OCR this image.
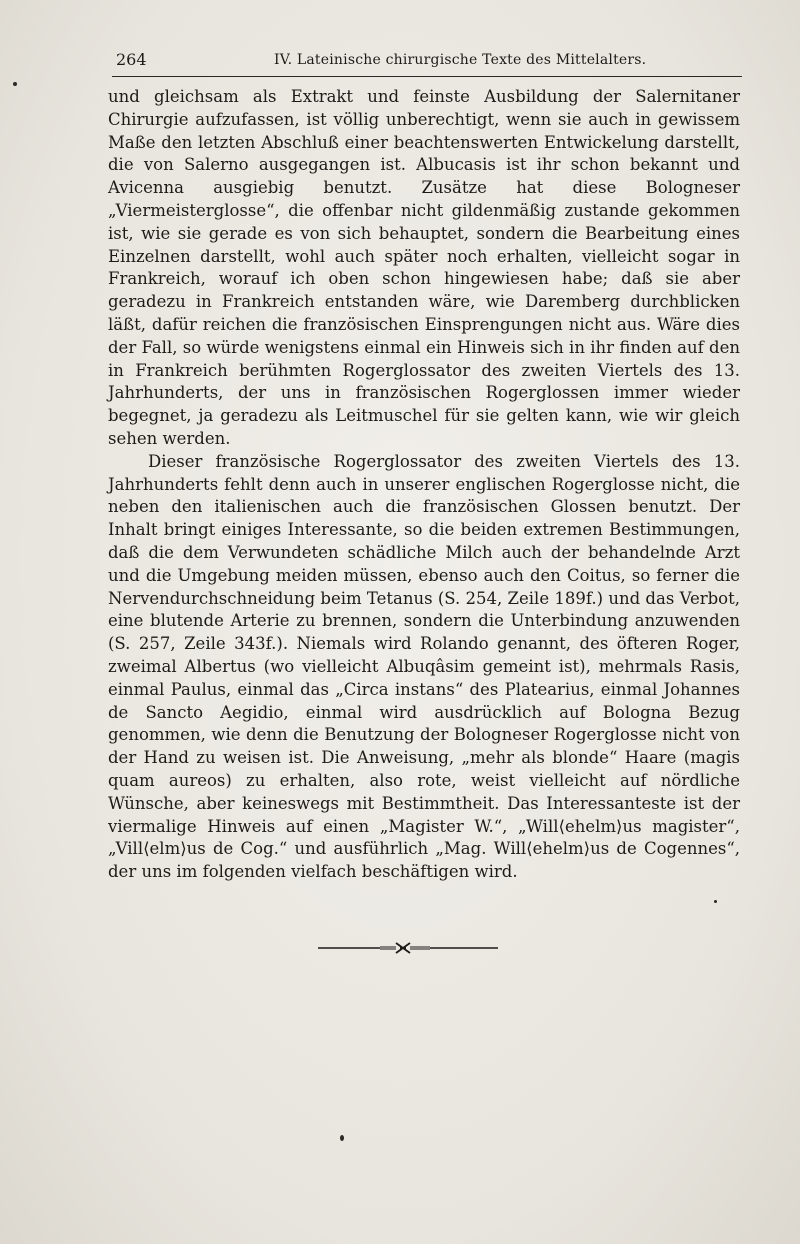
264	IV. Lateinische chirurgische Texte des Mittelalters.

und gleichsam als Extrakt und feinste Ausbildung der Salernitaner Chirurgie aufzufassen, ist völlig unberechtigt, wenn sie auch in gewissem Maße den letzten Abschluß einer beachtenswerten Entwickelung darstellt, die von Salerno ausgegangen ist. Albucasis ist ihr schon bekannt und Avicenna ausgiebig benutzt. Zusätze hat diese Bologneser „Viermeisterglosse“, die offenbar nicht gildenmäßig zustande gekommen ist, wie sie gerade es von sich behauptet, sondern die Bearbeitung eines Einzelnen darstellt, wohl auch später noch erhalten, vielleicht sogar in Frankreich, worauf ich oben schon hingewiesen habe; daß sie aber geradezu in Frankreich entstanden wäre, wie Daremberg durchblicken läßt, dafür reichen die französischen Einsprengungen nicht aus. Wäre dies der Fall, so würde wenigstens einmal ein Hinweis sich in ihr finden auf den in Frankreich berühmten Rogerglossator des zweiten Viertels des 13. Jahrhunderts, der uns in französischen Rogerglossen immer wieder begegnet, ja geradezu als Leitmuschel für sie gelten kann, wie wir gleich sehen werden.

Dieser französische Rogerglossator des zweiten Viertels des 13. Jahrhunderts fehlt denn auch in unserer englischen Rogerglosse nicht, die neben den italienischen auch die französischen Glossen benutzt. Der Inhalt bringt einiges Interessante, so die beiden extremen Bestimmungen, daß die dem Verwundeten schädliche Milch auch der behandelnde Arzt und die Umgebung meiden müssen, ebenso auch den Coitus, so ferner die Nervendurchschneidung beim Tetanus (S. 254, Zeile 189f.) und das Verbot, eine blutende Arterie zu brennen, sondern die Unterbindung anzuwenden (S. 257, Zeile 343f.). Niemals wird Rolando genannt, des öfteren Roger, zweimal Albertus (wo vielleicht Albuqâsim gemeint ist), mehrmals Rasis, einmal Paulus, einmal das „Circa instans“ des Platearius, einmal Johannes de Sancto Aegidio, einmal wird ausdrücklich auf Bologna Bezug genommen, wie denn die Benutzung der Bologneser Rogerglosse nicht von der Hand zu weisen ist. Die Anweisung, „mehr als blonde“ Haare (magis quam aureos) zu erhalten, also rote, weist vielleicht auf nördliche Wünsche, aber keineswegs mit Bestimmtheit. Das Interessanteste ist der viermalige Hinweis auf einen „Magister W.“, „Will⟨ehelm⟩us magister“, „Vill⟨elm⟩us de Cog.“ und ausführlich „Mag. Will⟨ehelm⟩us de Cogennes“, der uns im folgenden vielfach beschäftigen wird.
